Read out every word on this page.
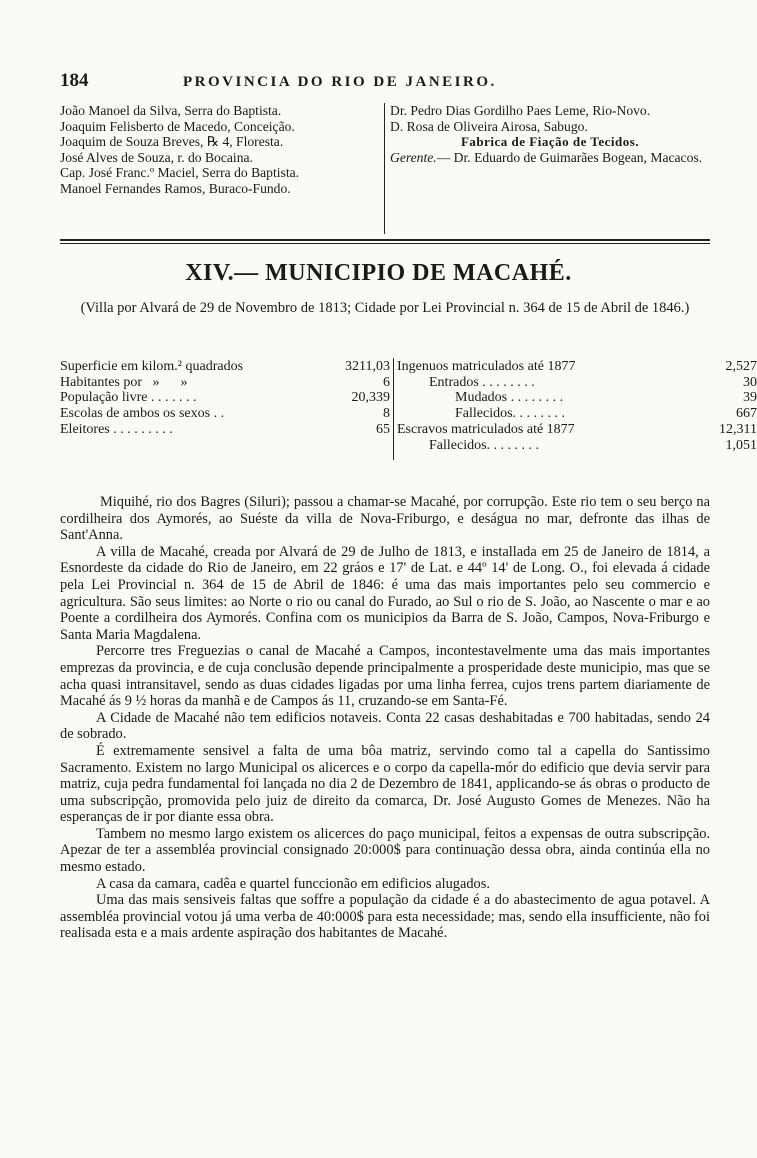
184	PROVINCIA DO RIO DE JANEIRO.
João Manoel da Silva, Serra do Baptista.
Joaquim Felisberto de Macedo, Conceição.
Joaquim de Souza Breves, ℞ 4, Floresta.
José Alves de Souza, r. do Bocaina.
Cap. José Franc.º Maciel, Serra do Baptista.
Manoel Fernandes Ramos, Buraco-Fundo.
Dr. Pedro Dias Gordilho Paes Leme, Rio-Novo.
D. Rosa de Oliveira Airosa, Sabugo.
Fabrica de Fiação de Tecidos.
Gerente.— Dr. Eduardo de Guimarães Bogean, Macacos.
XIV.— MUNICIPIO DE MACAHÉ.
(Villa por Alvará de 29 de Novembro de 1813; Cidade por Lei Provincial n. 364 de 15 de Abril de 1846.)
Superficie em kilom.² quadrados	3211,03
Habitantes por   »      »	6
População livre . . . . . . .	20,339
Escolas de ambos os sexos . .	8
Eleitores . . . . . . . . .	65
Ingenuos matriculados até 1877	2,527
Entrados . . . . . . . .	30
Mudados . . . . . . . .	39
Fallecidos. . . . . . . .	667
Escravos matriculados até 1877	12,311
Fallecidos. . . . . . . .	1,051

Miquihé, rio dos Bagres (Siluri); passou a chamar-se Macahé, por corrupção. Este rio tem o seu berço na cordilheira dos Aymorés, ao Suéste da villa de Nova-Friburgo, e deságua no mar, defronte das ilhas de Sant'Anna.

A villa de Macahé, creada por Alvará de 29 de Julho de 1813, e installada em 25 de Janeiro de 1814, a Esnordeste da cidade do Rio de Janeiro, em 22 gráos e 17' de Lat. e 44º 14' de Long. O., foi elevada á cidade pela Lei Provincial n. 364 de 15 de Abril de 1846: é uma das mais importantes pelo seu commercio e agricultura. São seus limites: ao Norte o rio ou canal do Furado, ao Sul o rio de S. João, ao Nascente o mar e ao Poente a cordilheira dos Aymorés. Confina com os municipios da Barra de S. João, Campos, Nova-Friburgo e Santa Maria Magdalena.

Percorre tres Freguezias o canal de Macahé a Campos, incontestavelmente uma das mais importantes emprezas da provincia, e de cuja conclusão depende principalmente a prosperidade deste municipio, mas que se acha quasi intransitavel, sendo as duas cidades ligadas por uma linha ferrea, cujos trens partem diariamente de Macahé ás 9 ½ horas da manhã e de Campos ás 11, cruzando-se em Santa-Fé.

A Cidade de Macahé não tem edificios notaveis. Conta 22 casas deshabitadas e 700 habitadas, sendo 24 de sobrado.

É extremamente sensivel a falta de uma bôa matriz, servindo como tal a capella do Santissimo Sacramento. Existem no largo Municipal os alicerces e o corpo da capella-mór do edificio que devia servir para matriz, cuja pedra fundamental foi lançada no dia 2 de Dezembro de 1841, applicando-se ás obras o producto de uma subscripção, promovida pelo juiz de direito da comarca, Dr. José Augusto Gomes de Menezes. Não ha esperanças de ir por diante essa obra.

Tambem no mesmo largo existem os alicerces do paço municipal, feitos a expensas de outra subscripção. Apezar de ter a assembléa provincial consignado 20:000$ para continuação dessa obra, ainda continúa ella no mesmo estado.

A casa da camara, cadêa e quartel funccionão em edificios alugados.

Uma das mais sensiveis faltas que soffre a população da cidade é a do abastecimento de agua potavel. A assembléa provincial votou já uma verba de 40:000$ para esta necessidade; mas, sendo ella insufficiente, não foi realisada esta e a mais ardente aspiração dos habitantes de Macahé.
